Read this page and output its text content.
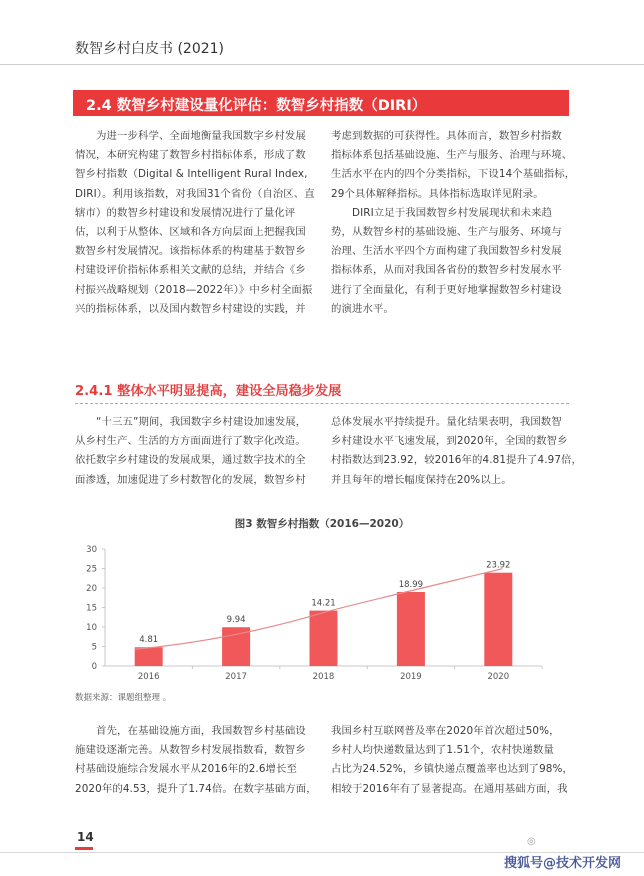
数智乡村白皮书 (2021)
2.4 数智乡村建设量化评估：数智乡村指数（DIRI）
为进一步科学、全面地衡量我国数字乡村发展
情况，本研究构建了数智乡村指标体系，形成了数
智乡村指数（Digital & Intelligent Rural Index,
DIRI）。利用该指数，对我国31个省份（自治区、直
辖市）的数智乡村建设和发展情况进行了量化评
估，以利于从整体、区域和各方向层面上把握我国
数智乡村发展情况。该指标体系的构建基于数智乡
村建设评价指标体系相关文献的总结，并结合《乡
村振兴战略规划（2018—2022年）》中乡村全面振
兴的指标体系，以及国内数智乡村建设的实践，并
考虑到数据的可获得性。具体而言，数智乡村指数
指标体系包括基础设施、生产与服务、治理与环境、
生活水平在内的四个分类指标，下设14个基础指标，
29个具体解释指标。具体指标选取详见附录。
DIRI立足于我国数智乡村发展现状和未来趋
势，从数智乡村的基础设施、生产与服务、环境与
治理、生活水平四个方面构建了我国数智乡村发展
指标体系，从而对我国各省份的数智乡村发展水平
进行了全面量化，有利于更好地掌握数智乡村建设
的演进水平。
2.4.1 整体水平明显提高，建设全局稳步发展
“十三五”期间，我国数字乡村建设加速发展，
从乡村生产、生活的方方面面进行了数字化改造。
依托数字乡村建设的发展成果，通过数字技术的全
面渗透，加速促进了乡村数智化的发展，数智乡村
总体发展水平持续提升。量化结果表明，我国数智
乡村建设水平飞速发展，到2020年，全国的数智乡
村指数达到23.92，较2016年的4.81提升了4.97倍，
并且每年的增长幅度保持在20%以上。
图3 数智乡村指数（2016—2020）
0
5
10
15
20
25
30
4.81
2016
9.94
2017
14.21
2018
18.99
2019
23.92
2020
数据来源：课题组整理 。
首先，在基础设施方面，我国数智乡村基础设
施建设逐渐完善。从数智乡村发展指数看，数智乡
村基础设施综合发展水平从2016年的2.6增长至
2020年的4.53，提升了1.74倍。在数字基础方面，
我国乡村互联网普及率在2020年首次超过50%，
乡村人均快递数量达到了1.51个，农村快递数量
占比为24.52%，乡镇快递点覆盖率也达到了98%，
相较于2016年有了显著提高。在通用基础方面，我
14	◎
搜狐号@技术开发网
